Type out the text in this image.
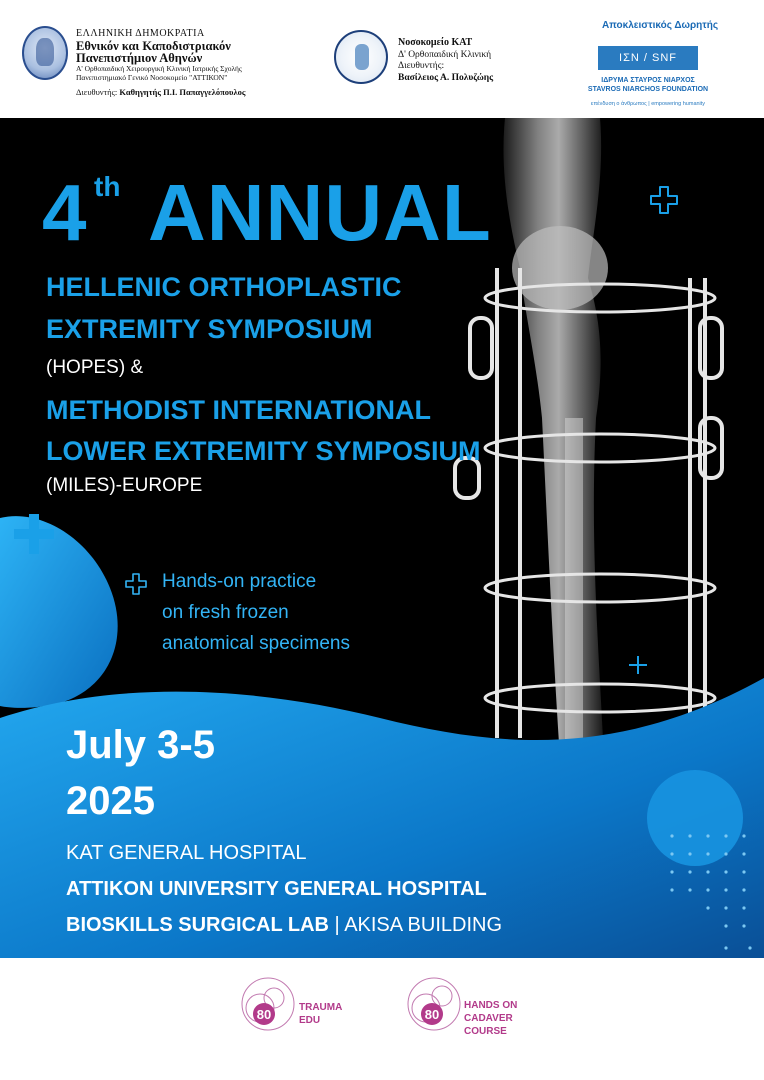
ΕΛΛΗΝΙΚΗ ΔΗΜΟΚΡΑΤΙΑ
Εθνικόν και Καποδιστριακόν
Πανεπιστήμιον Αθηνών
Α' Ορθοπαιδική Χειρουργική Κλινική Ιατρικής Σχολής
Πανεπιστημιακό Γενικό Νοσοκομείο "ΑΤΤΙΚΟΝ"
Διευθυντής: Καθηγητής Π.Ι. Παπαγγελόπουλος
Νοσοκομείο ΚΑΤ
Δ' Ορθοπαιδική Κλινική
Διευθυντής:
Βασίλειος Α. Πολυζώης
Αποκλειστικός Δωρητής
ΙΣΝ / SNF
ΙΔΡΥΜΑ ΣΤΑΥΡΟΣ ΝΙΑΡΧΟΣ
STAVROS NIARCHOS FOUNDATION
επένδυση ο άνθρωπος | empowering humanity
4 th ANNUAL
HELLENIC ORTHOPLASTIC
EXTREMITY SYMPOSIUM
(HOPES) &
METHODIST INTERNATIONAL
LOWER EXTREMITY SYMPOSIUM
(MILES)-EUROPE
Hands-on practice
on fresh frozen
anatomical specimens
July 3-5
2025
KAT GENERAL HOSPITAL
ATTIKON UNIVERSITY GENERAL HOSPITAL
BIOSKILLS SURGICAL LAB | AKISA BUILDING
80	TRAUMA
EDU	80
HANDS ON
CADAVER
COURSE
